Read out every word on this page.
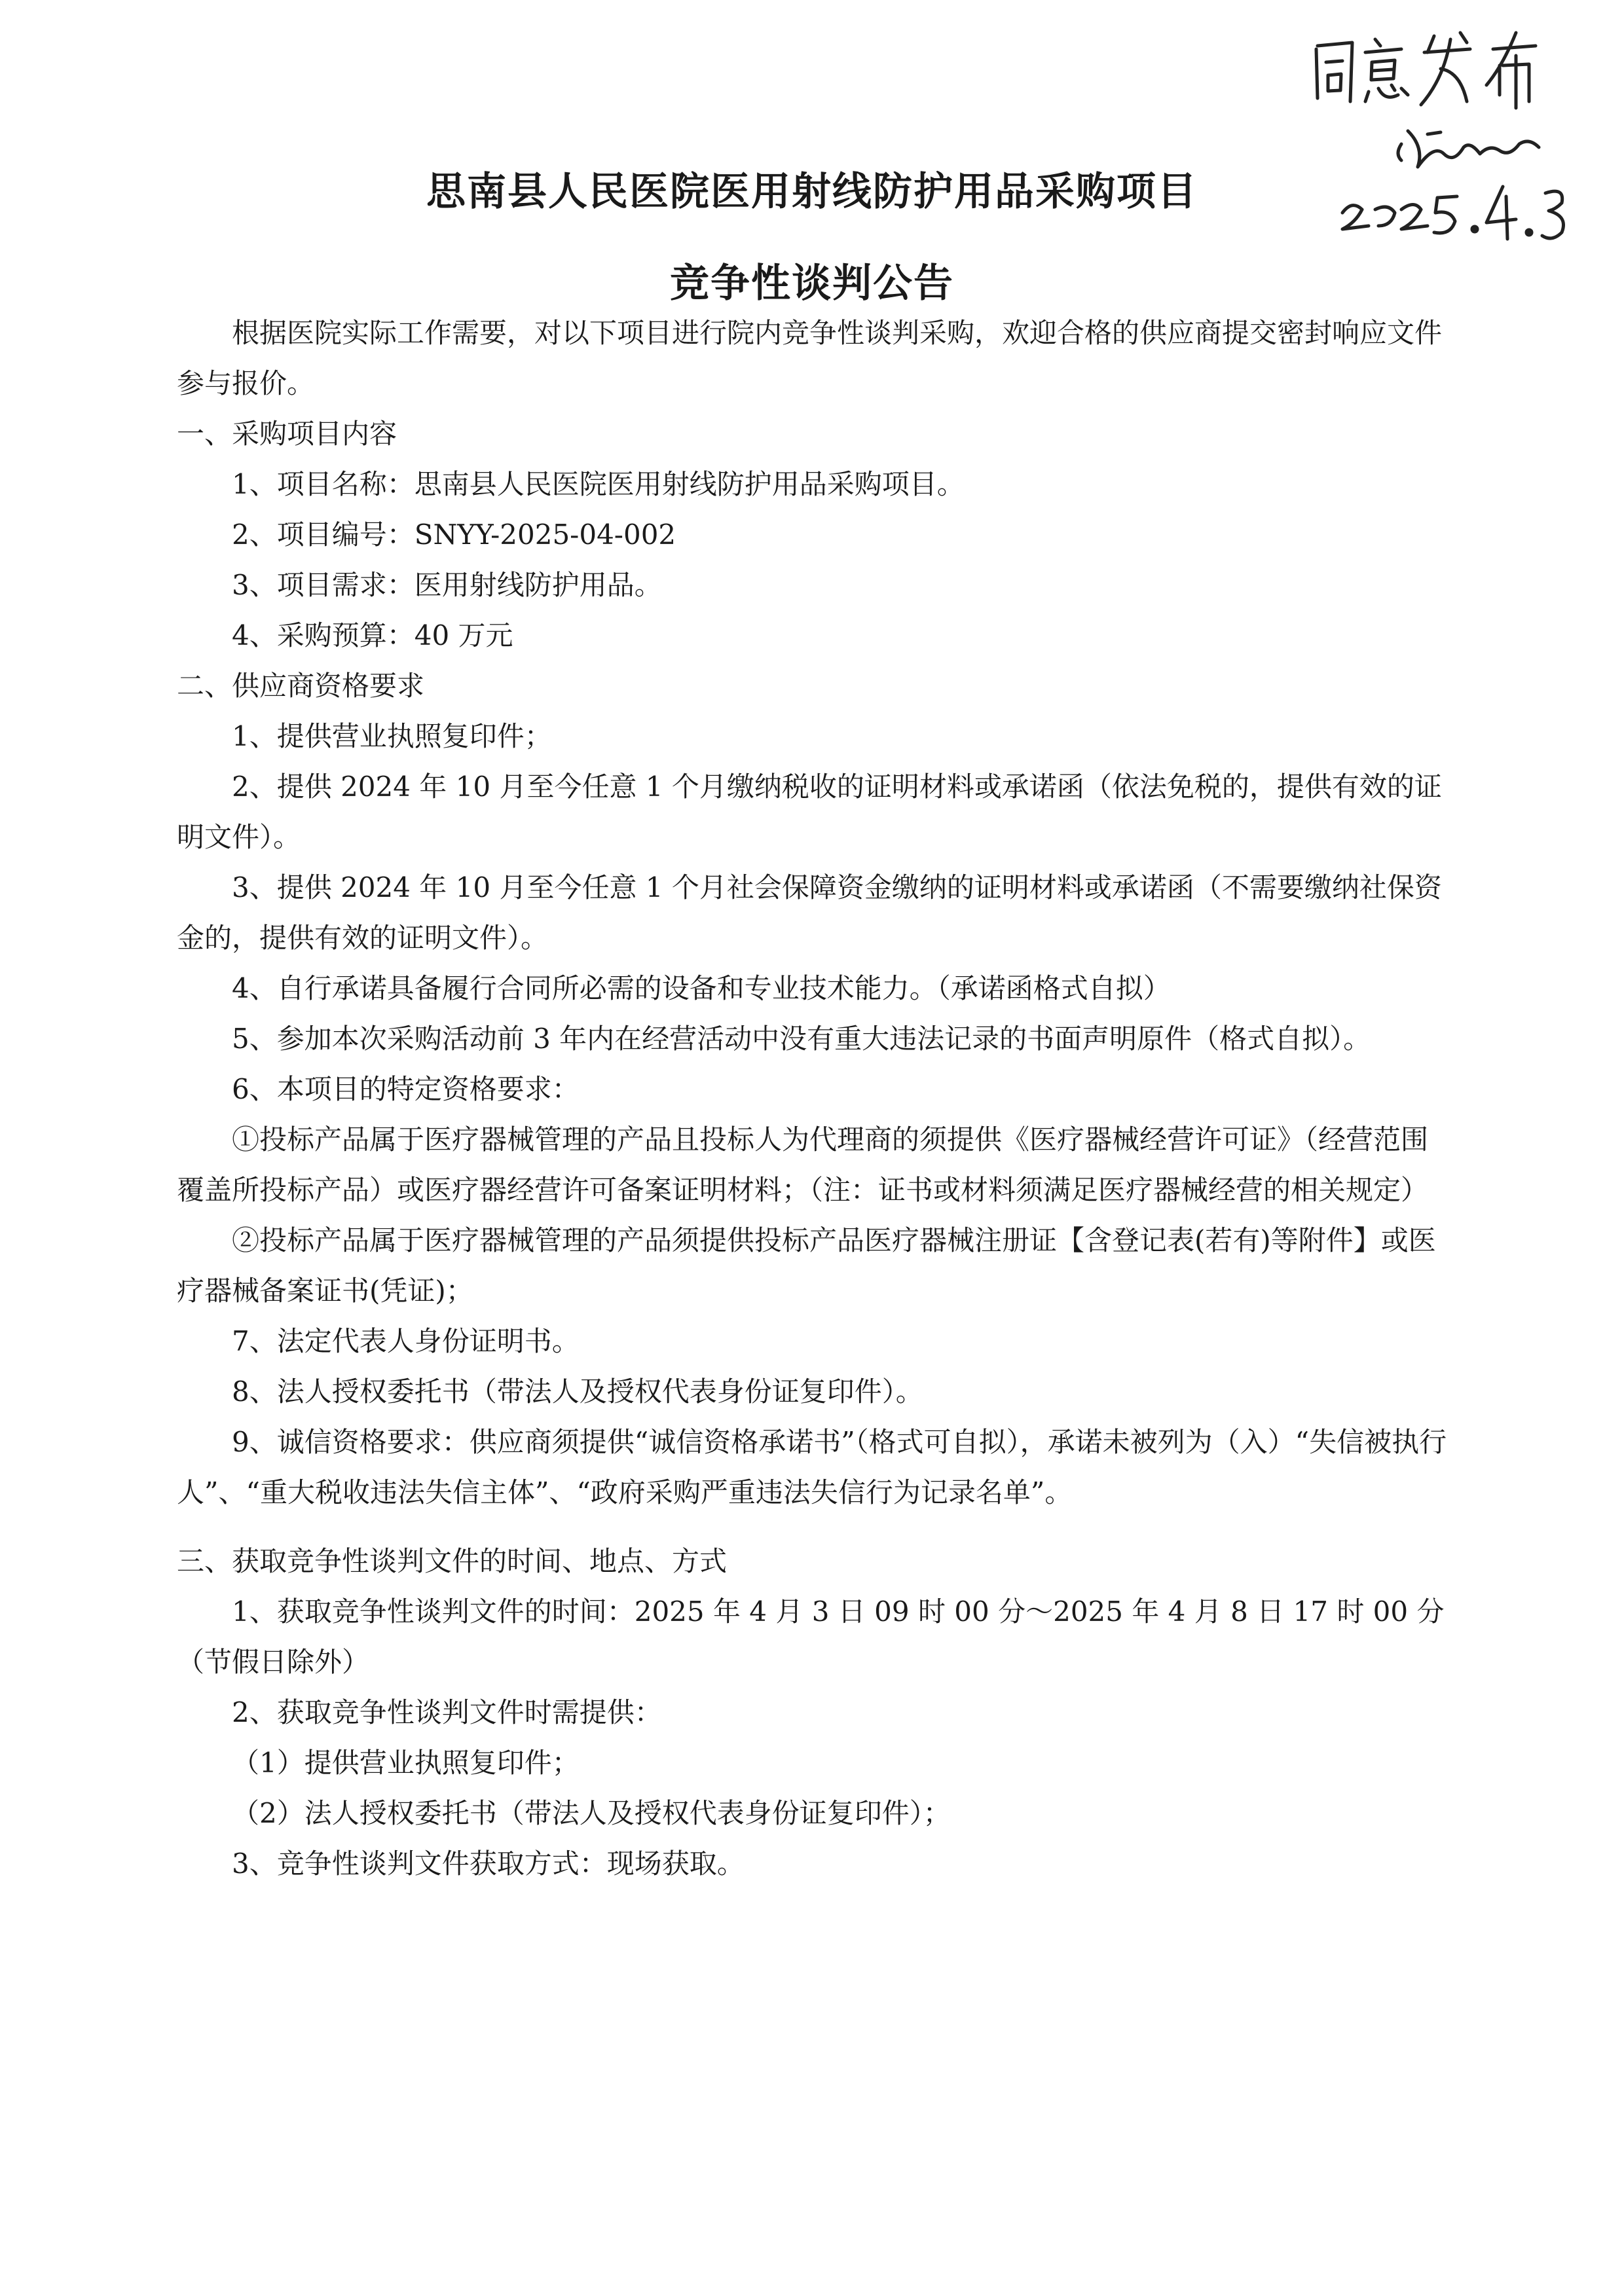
思南县人民医院医用射线防护用品采购项目
竞争性谈判公告

根据医院实际工作需要，对以下项目进行院内竞争性谈判采购，欢迎合格的供应商提交密封响应文件参与报价。

一、采购项目内容

1、项目名称：思南县人民医院医用射线防护用品采购项目。

2、项目编号：SNYY-2025-04-002

3、项目需求：医用射线防护用品。

4、采购预算：40 万元

二、供应商资格要求

1、提供营业执照复印件；

2、提供 2024 年 10 月至今任意 1 个月缴纳税收的证明材料或承诺函（依法免税的，提供有效的证明文件）。

3、提供 2024 年 10 月至今任意 1 个月社会保障资金缴纳的证明材料或承诺函（不需要缴纳社保资金的，提供有效的证明文件）。

4、自行承诺具备履行合同所必需的设备和专业技术能力。（承诺函格式自拟）

5、参加本次采购活动前 3 年内在经营活动中没有重大违法记录的书面声明原件（格式自拟）。

6、本项目的特定资格要求：

①投标产品属于医疗器械管理的产品且投标人为代理商的须提供《医疗器械经营许可证》（经营范围覆盖所投标产品）或医疗器经营许可备案证明材料；（注：证书或材料须满足医疗器械经营的相关规定）

②投标产品属于医疗器械管理的产品须提供投标产品医疗器械注册证【含登记表(若有)等附件】或医疗器械备案证书(凭证)；

7、法定代表人身份证明书。

8、法人授权委托书（带法人及授权代表身份证复印件）。

9、诚信资格要求：供应商须提供“诚信资格承诺书”（格式可自拟），承诺未被列为（入）“失信被执行人”、“重大税收违法失信主体”、“政府采购严重违法失信行为记录名单”。

三、获取竞争性谈判文件的时间、地点、方式

1、获取竞争性谈判文件的时间：2025 年 4 月 3 日 09 时 00 分～2025 年 4 月 8 日 17 时 00 分（节假日除外）

2、获取竞争性谈判文件时需提供：

（1）提供营业执照复印件；

（2）法人授权委托书（带法人及授权代表身份证复印件）；

3、竞争性谈判文件获取方式：现场获取。
